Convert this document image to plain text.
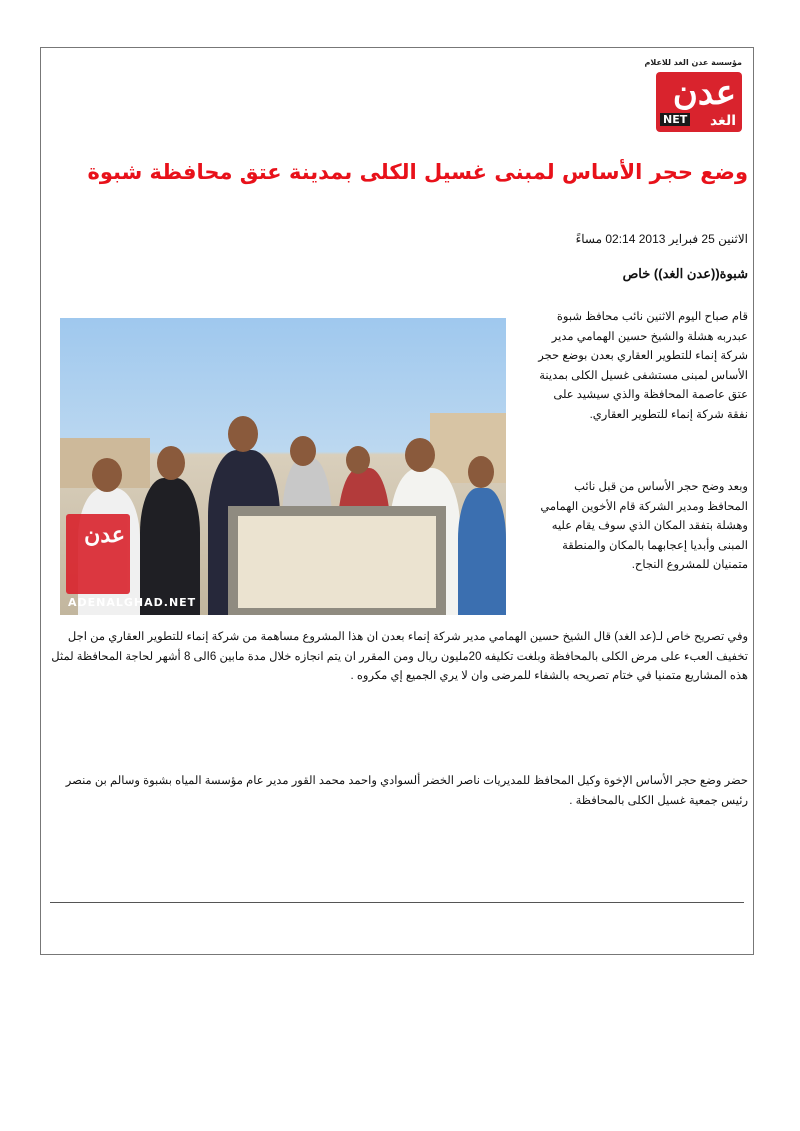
مؤسسة عدن الغد للاعلام
عدن
NET الغد
وضع حجر الأساس لمبنى غسيل الكلى بمدينة عتق محافظة شبوة
الاثنين 25 فبراير 2013 02:14 مساءً
شبوة((عدن الغد)) خاص
قام صباح اليوم الاثنين نائب محافظ شبوة عبدربه هشلة والشيخ حسين الهمامي مدير شركة إنماء للتطوير العقاري بعدن بوضع حجر الأساس لمبنى مستشفى غسيل الكلى بمدينة عتق عاصمة المحافظة والذي سيشيد على نفقة شركة إنماء للتطوير العقاري.
وبعد وضح حجر الأساس من قبل نائب المحافظ ومدير الشركة قام الأخوين الهمامي وهشلة بتفقد المكان الذي سوف يقام عليه المبنى وأبديا إعجابهما بالمكان والمنطقة متمنيان للمشروع النجاح.
عدن
ADENALGHAD.NET
وفي تصريح خاص لـ(عد الغد) قال الشيخ حسين الهمامي مدير شركة إنماء بعدن ان هذا المشروع مساهمة من شركة إنماء للتطوير العقاري من اجل تخفيف العبء على مرض الكلى بالمحافظة وبلغت تكليفه 20مليون ريال ومن المقرر ان يتم انجازه خلال مدة مابين 6الى 8 أشهر لحاجة المحافظة لمثل هذه المشاريع متمنيا في ختام تصريحه بالشفاء للمرضى وان لا يري الجميع إي مكروه .
حضر وضع حجر الأساس الإخوة وكيل المحافظ للمديريات ناصر الخضر ألسوادي واحمد محمد القور مدير عام مؤسسة المياه بشبوة وسالم بن منصر رئيس جمعية غسيل الكلى بالمحافظة .
